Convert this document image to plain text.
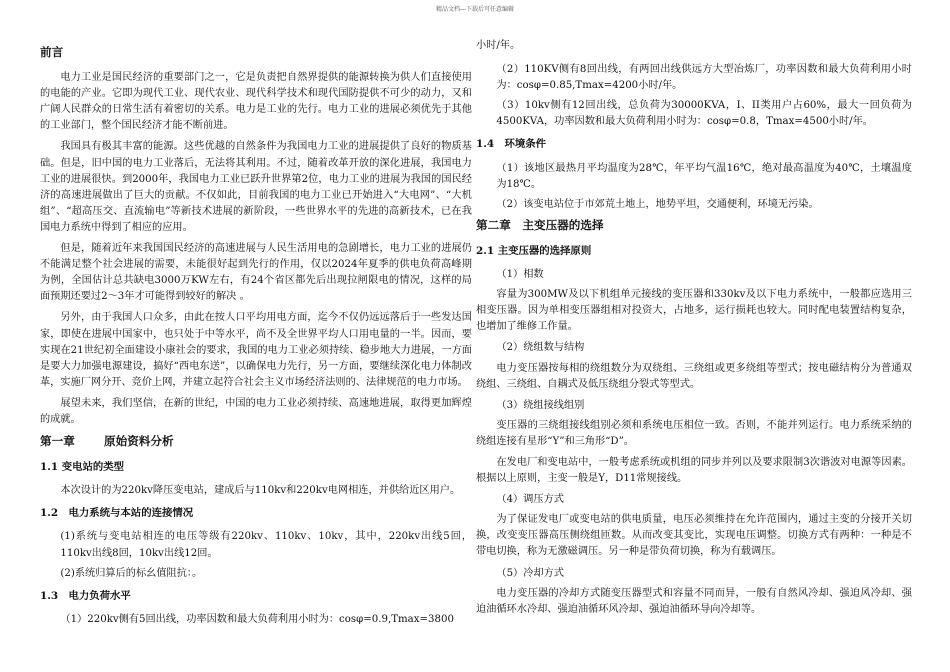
精品文档---下载后可任意编辑
前言

电力工业是国民经济的重要部门之一，它是负责把自然界提供的能源转换为供人们直接使用的电能的产业。它即为现代工业、现代农业、现代科学技术和现代国防提供不可少的动力，又和广阔人民群众的日常生活有着密切的关系。电力是工业的先行。电力工业的进展必须优先于其他的工业部门，整个国民经济才能不断前进。

我国具有极其丰富的能源。这些优越的自然条件为我国电力工业的进展提供了良好的物质基础。但是，旧中国的电力工业落后，无法将其利用。不过，随着改革开放的深化进展，我国电力工业的进展很快。到2000年，我国电力工业已跃升世界第2位，电力工业的进展为我国的国民经济的高速进展做出了巨大的贡献。不仅如此，目前我国的电力工业已开始进入“大电网”、“大机组”、“超高压交、直流输电”等新技术进展的新阶段，一些世界水平的先进的高新技术，已在我国电力系统中得到了相应的应用。

但是，随着近年来我国国民经济的高速进展与人民生活用电的急剧增长，电力工业的进展仍不能满足整个社会进展的需要，未能很好起到先行的作用，仅以2024年夏季的供电负荷高峰期为例，全国估计总共缺电3000万KW左右，有24个省区都先后出现拉闸限电的情况，这样的局面预期还要过2～3年才可能得到较好的解决 。

另外，由于我国人口众多，由此在按人口平均用电方面，迄今不仅仍远远落后于一些发达国家，即使在进展中国家中，也只处于中等水平，尚不及全世界平均人口用电量的一半。因而，要实现在21世纪初全面建设小康社会的要求，我国的电力工业必须持续、稳步地大力进展，一方面是要大力加强电源建设，搞好“西电东送”，以确保电力先行，另一方面，要继续深化电力体制改革，实施厂网分开、竞价上网，并建立起符合社会主义市场经济法则的、法律规范的电力市场。

展望未来，我们坚信，在新的世纪，中国的电力工业必须持续、高速地进展，取得更加辉煌的成就。

第一章	原始资料分析
1.1 变电站的类型

本次设计的为220kv降压变电站，建成后与110kv和220kv电网相连，并供给近区用户。

1.2　电力系统与本站的连接情况

(1)系统与变电站相连的电压等级有220kv、110kv、10kv，其中，220kv出线5回，110kv出线8回，10kv出线12回。

(2)系统归算后的标幺值阻抗：。

1.3　电力负荷水平

（1）220kv侧有5回出线，功率因数和最大负荷利用小时为：cosφ=0.9,Tmax=3800

小时/年。

（2）110KV侧有8回出线，有两回出线供远方大型冶炼厂，功率因数和最大负荷利用小时为：cosφ=0.85,Tmax=4200小时/年。

（3）10kv侧有12回出线，总负荷为30000KVA，I、II类用户占60%，最大一回负荷为4500KVA，功率因数和最大负荷利用小时为：cosφ=0.8，Tmax=4500小时/年。

1.4　环境条件

（1）该地区最热月平均温度为28℃，年平均气温16℃，绝对最高温度为40℃，土壤温度为18℃。

（2）该变电站位于市郊荒土地上，地势平坦，交通便利，环境无污染。

第二章　主变压器的选择
2.1 主变压器的选择原则

（1）相数

容量为300MW及以下机组单元接线的变压器和330kv及以下电力系统中，一般都应选用三相变压器。因为单相变压器组相对投资大，占地多，运行损耗也较大。同时配电装置结构复杂，也增加了维修工作量。

（2）绕组数与结构

电力变压器按每相的绕组数分为双绕组、三绕组或更多绕组等型式；按电磁结构分为普通双绕组、三绕组、自耦式及低压绕组分裂式等型式。

（3）绕组接线组别

变压器的三绕组接线组别必须和系统电压相位一致。否则，不能并列运行。电力系统采纳的绕组连接有星形“Y”和三角形“D”。

在发电厂和变电站中，一般考虑系统或机组的同步并列以及要求限制3次谐波对电源等因素。根据以上原则，主变一般是Y，D11常规接线。

（4）调压方式

为了保证发电厂或变电站的供电质量，电压必须维持在允许范围内，通过主变的分接开关切换，改变变压器高压侧绕组匝数。从而改变其变比，实现电压调整。切换方式有两种：一种是不带电切换，称为无激磁调压。另一种是带负荷切换，称为有载调压。

（5）冷却方式

电力变压器的冷却方式随变压器型式和容量不同而异，一般有自然风冷却、强迫风冷却、强迫油循环水冷却、强迫油循环风冷却、强迫油循环导向冷却等。
